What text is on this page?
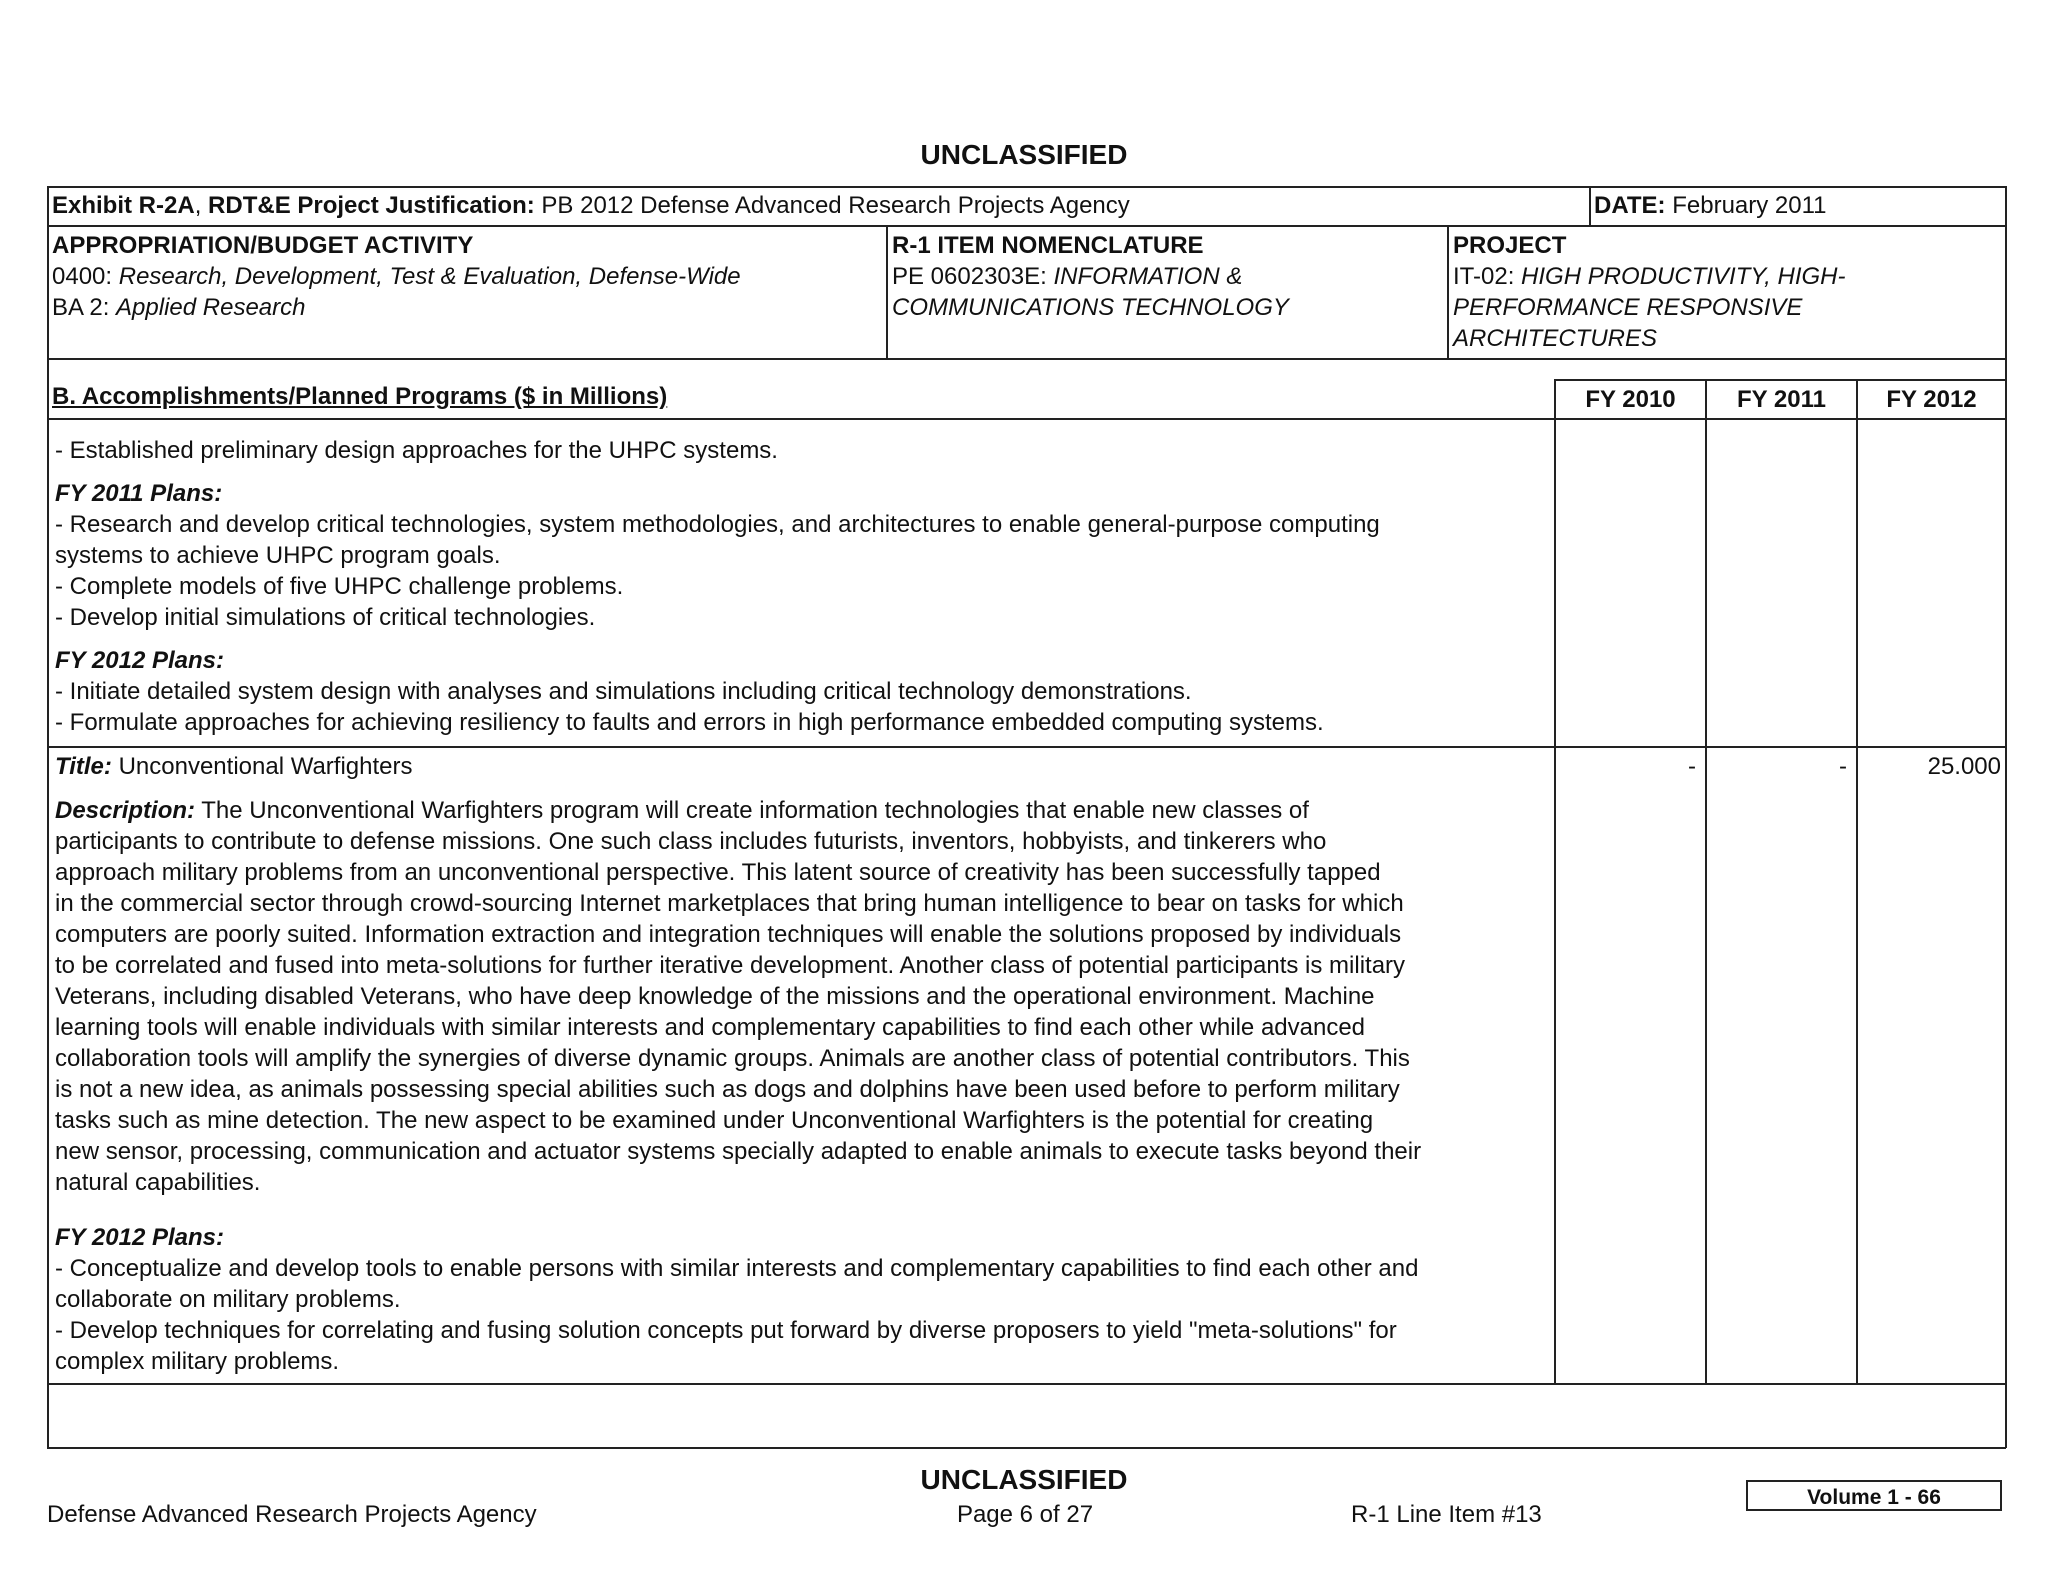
UNCLASSIFIED
Exhibit R-2A, RDT&E Project Justification: PB 2012 Defense Advanced Research Projects Agency	DATE: February 2011
APPROPRIATION/BUDGET ACTIVITY
0400: Research, Development, Test & Evaluation, Defense-Wide
BA 2: Applied Research
R-1 ITEM NOMENCLATURE
PE 0602303E: INFORMATION &
COMMUNICATIONS TECHNOLOGY
PROJECT
IT-02: HIGH PRODUCTIVITY, HIGH-
PERFORMANCE RESPONSIVE
ARCHITECTURES
B. Accomplishments/Planned Programs ($ in Millions)	FY 2010	FY 2011	FY 2012
- Established preliminary design approaches for the UHPC systems.
FY 2011 Plans:
- Research and develop critical technologies, system methodologies, and architectures to enable general-purpose computing
systems to achieve UHPC program goals.
- Complete models of five UHPC challenge problems.
- Develop initial simulations of critical technologies.
FY 2012 Plans:
- Initiate detailed system design with analyses and simulations including critical technology demonstrations.
- Formulate approaches for achieving resiliency to faults and errors in high performance embedded computing systems.
Title: Unconventional Warfighters	-	-	25.000
Description: The Unconventional Warfighters program will create information technologies that enable new classes of
participants to contribute to defense missions. One such class includes futurists, inventors, hobbyists, and tinkerers who
approach military problems from an unconventional perspective. This latent source of creativity has been successfully tapped
in the commercial sector through crowd-sourcing Internet marketplaces that bring human intelligence to bear on tasks for which
computers are poorly suited. Information extraction and integration techniques will enable the solutions proposed by individuals
to be correlated and fused into meta-solutions for further iterative development. Another class of potential participants is military
Veterans, including disabled Veterans, who have deep knowledge of the missions and the operational environment. Machine
learning tools will enable individuals with similar interests and complementary capabilities to find each other while advanced
collaboration tools will amplify the synergies of diverse dynamic groups. Animals are another class of potential contributors. This
is not a new idea, as animals possessing special abilities such as dogs and dolphins have been used before to perform military
tasks such as mine detection. The new aspect to be examined under Unconventional Warfighters is the potential for creating
new sensor, processing, communication and actuator systems specially adapted to enable animals to execute tasks beyond their
natural capabilities.
FY 2012 Plans:
- Conceptualize and develop tools to enable persons with similar interests and complementary capabilities to find each other and
collaborate on military problems.
- Develop techniques for correlating and fusing solution concepts put forward by diverse proposers to yield "meta-solutions" for
complex military problems.
UNCLASSIFIED
Defense Advanced Research Projects Agency	Page 6 of 27	R-1 Line Item #13
Volume 1 - 66
